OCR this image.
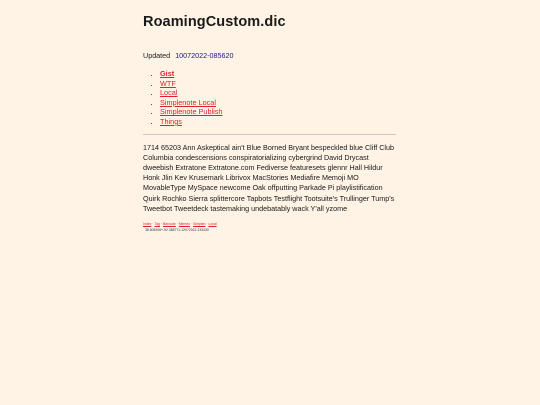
RoamingCustom.dic
Updated 10072022-085620
• Gist
• WTF
• Local
• Simplenote Local
• Simplenote Publish
• Things
1714 65203 Ann Askeptical ain't Blue Borned Bryant bespeckled blue Cliff Club Columbia condescensions conspiratorializing cybergrind David Drycast dweebish Extratone Extratone.com Fediverse featuresets glennr Hall Hildur Honk Jlin Kev Krusemark Librivox MacStories Mediafire Memoji MO MovableType MySpace newcome Oak offputting Parkade Pi playlistification Quirk Rochko Sierra splittercore Tapbots Testflight Tootsuite's Trullinger Tump's Tweetbot Tweetdeck tastemaking undebatably wack Y'all yzome
Index·Tag·Barcode·Memex·Simplen·Local
38.604906+-92.388771-12072022-133430
